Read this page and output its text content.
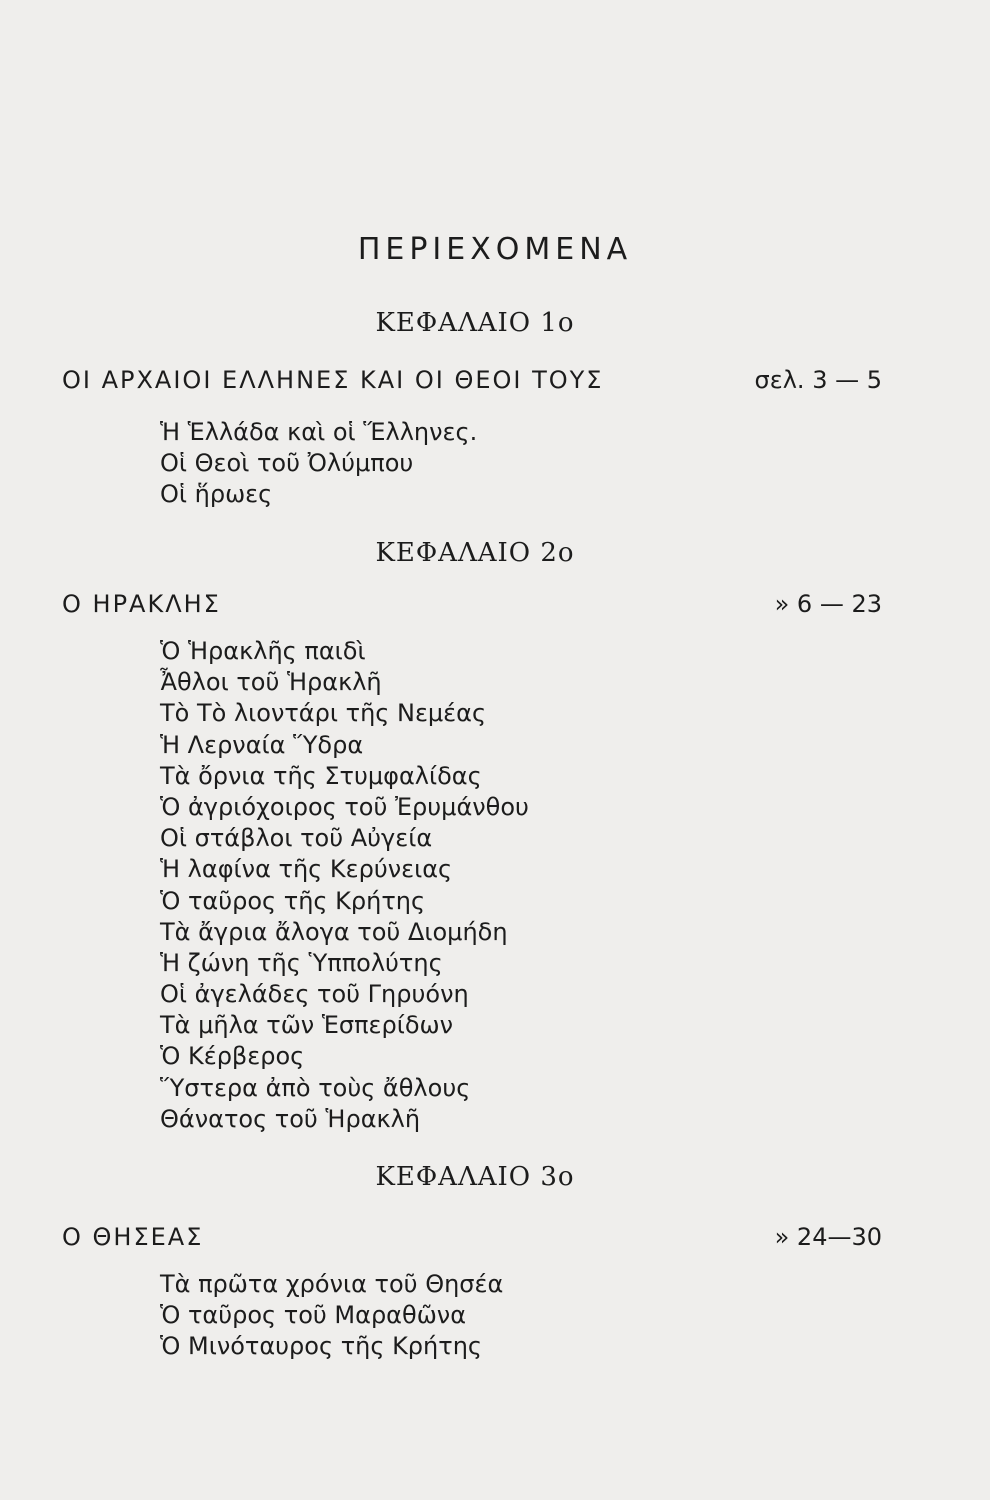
ΠΕΡΙΕΧΟΜΕΝΑ
ΚΕΦΑΛΑΙΟ 1ο
ΟΙ ΑΡΧΑΙΟΙ ΕΛΛΗΝΕΣ ΚΑΙ ΟΙ ΘΕΟΙ ΤΟΥΣ	σελ. 3 — 5
Ἡ Ἑλλάδα καὶ οἱ Ἕλληνες.
Οἱ Θεοὶ τοῦ Ὀλύμπου
Οἱ ἥρωες
ΚΕΦΑΛΑΙΟ 2ο
Ο ΗΡΑΚΛΗΣ	» 6 — 23
Ὁ Ἡρακλῆς παιδὶ
Ἆθλοι τοῦ Ἡρακλῆ
Τὸ Τὸ λιοντάρι τῆς Νεμέας
Ἡ Λερναία Ὕδρα
Τὰ ὄρνια τῆς Στυμφαλίδας
Ὁ ἀγριόχοιρος τοῦ Ἐρυμάνθου
Οἱ στάβλοι τοῦ Αὐγεία
Ἡ λαφίνα τῆς Κερύνειας
Ὁ ταῦρος τῆς Κρήτης
Τὰ ἄγρια ἄλογα τοῦ Διομήδη
Ἡ ζώνη τῆς Ὑππολύτης
Οἱ ἀγελάδες τοῦ Γηρυόνη
Τὰ μῆλα τῶν Ἑσπερίδων
Ὁ Κέρβερος
Ὕστερα ἀπὸ τοὺς ἄθλους
Θάνατος τοῦ Ἡρακλῆ
ΚΕΦΑΛΑΙΟ 3ο
Ο ΘΗΣΕΑΣ	» 24—30
Τὰ πρῶτα χρόνια τοῦ Θησέα
Ὁ ταῦρος τοῦ Μαραθῶνα
Ὁ Μινόταυρος τῆς Κρήτης
